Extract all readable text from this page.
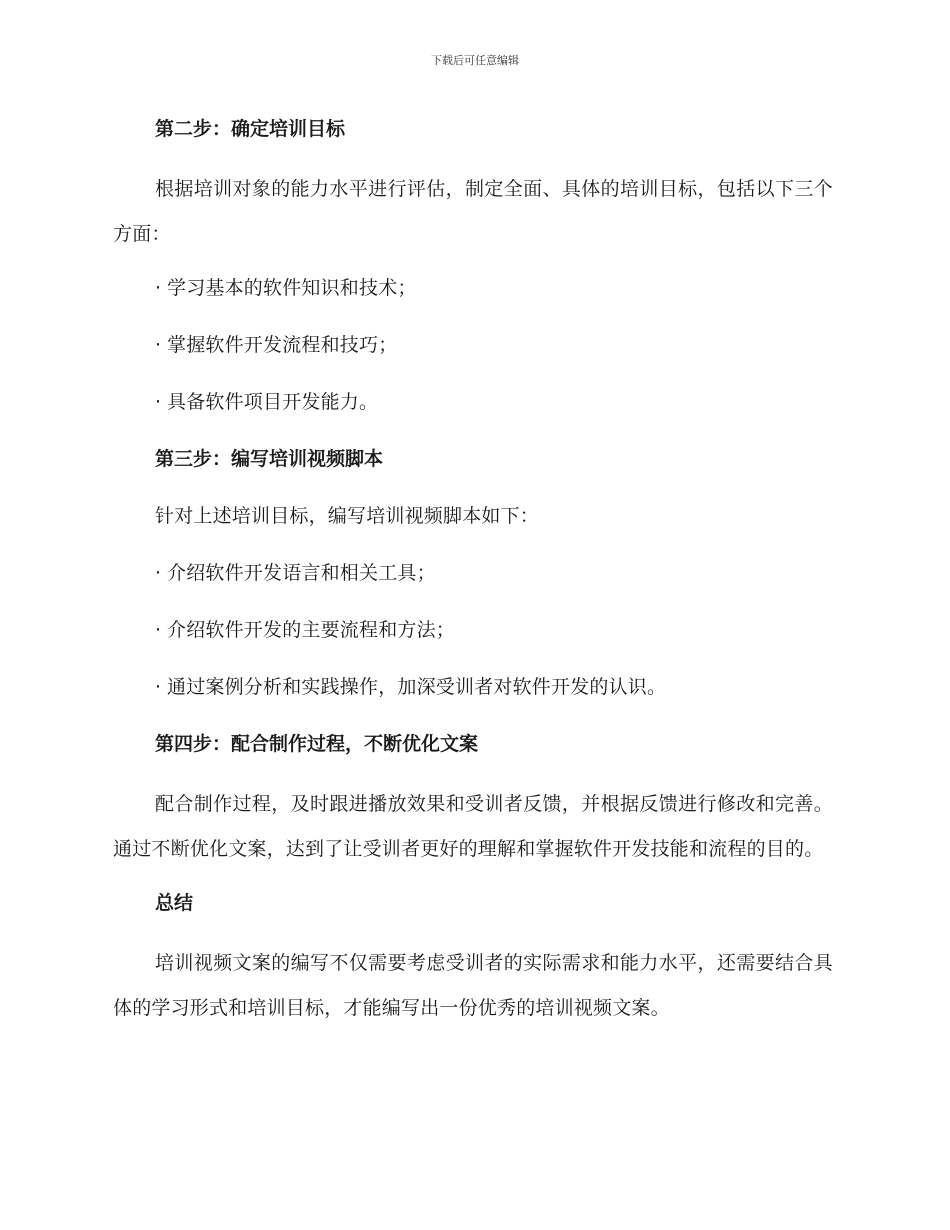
下载后可任意编辑
第二步：确定培训目标
根据培训对象的能力水平进行评估，制定全面、具体的培训目标，包括以下三个方面：
· 学习基本的软件知识和技术；
· 掌握软件开发流程和技巧；
· 具备软件项目开发能力。
第三步：编写培训视频脚本
针对上述培训目标，编写培训视频脚本如下：
· 介绍软件开发语言和相关工具；
· 介绍软件开发的主要流程和方法；
· 通过案例分析和实践操作，加深受训者对软件开发的认识。
第四步：配合制作过程，不断优化文案
配合制作过程，及时跟进播放效果和受训者反馈，并根据反馈进行修改和完善。通过不断优化文案，达到了让受训者更好的理解和掌握软件开发技能和流程的目的。
总结
培训视频文案的编写不仅需要考虑受训者的实际需求和能力水平，还需要结合具体的学习形式和培训目标，才能编写出一份优秀的培训视频文案。
